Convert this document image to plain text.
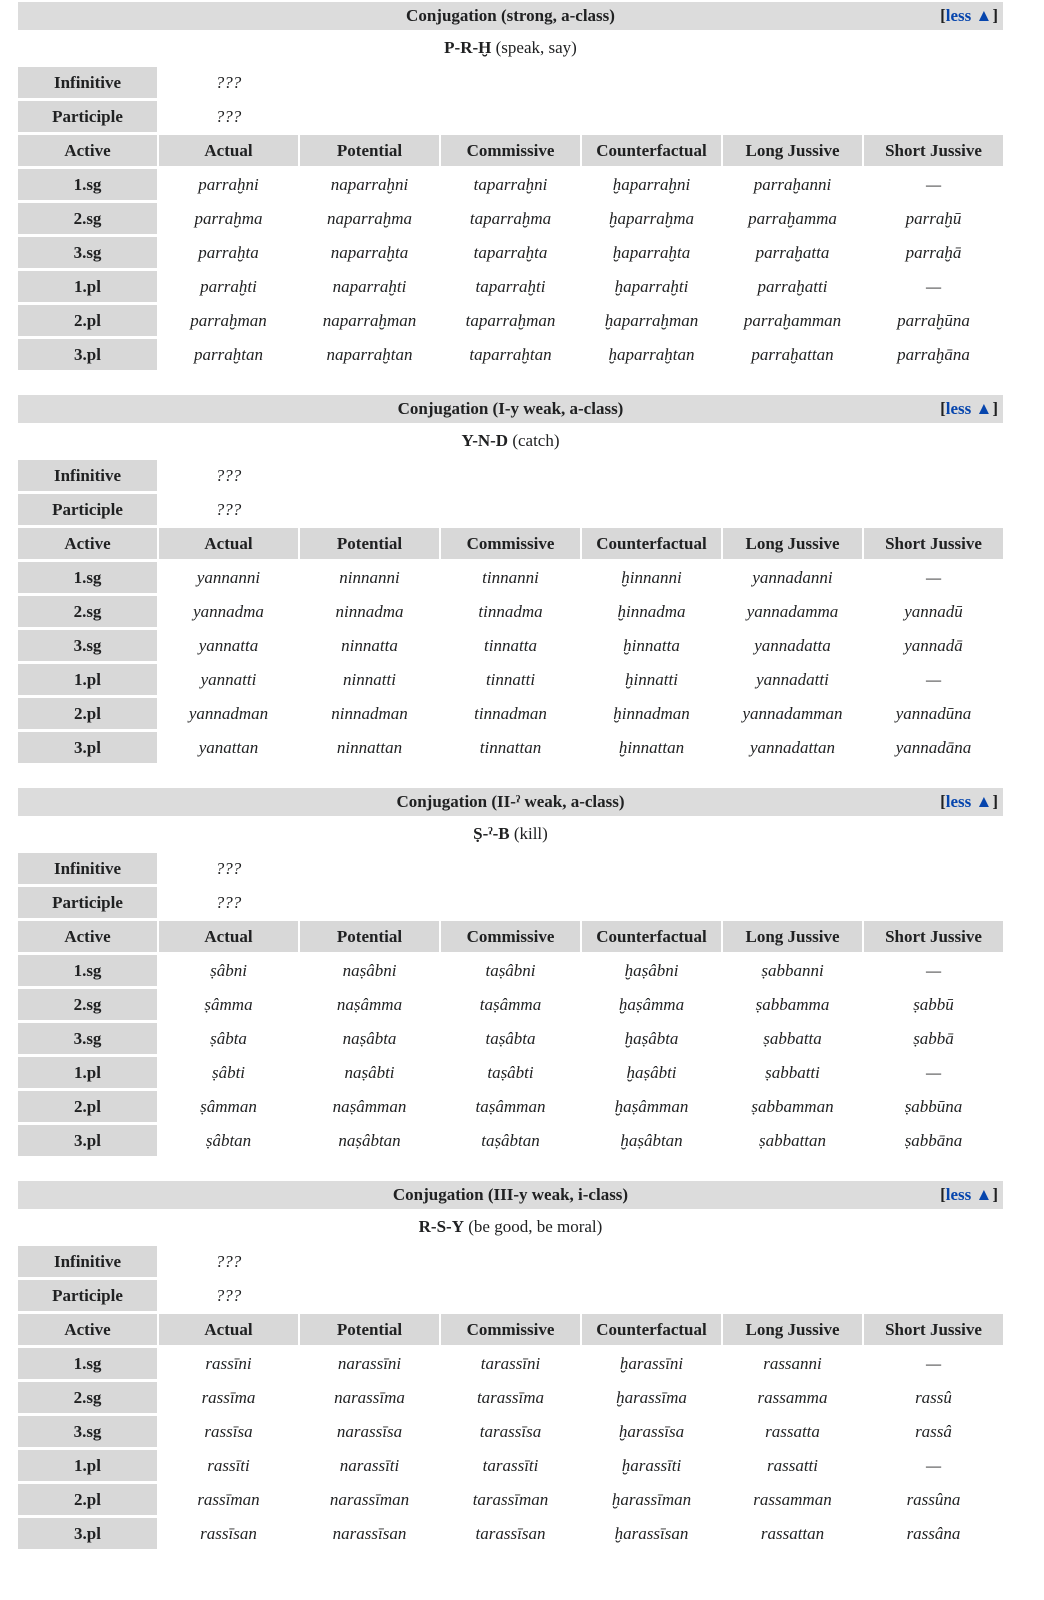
Conjugation (strong, a-class)	[less ▲]
P-R-Ḫ (speak, say)
Infinitive	???
Participle	???
Active	Actual	Potential	Commissive	Counterfactual	Long Jussive	Short Jussive
1.sg	parraḫni	naparraḫni	taparraḫni	ḫaparraḫni	parraḫanni	—
2.sg	parraḫma	naparraḫma	taparraḫma	ḫaparraḫma	parraḫamma	parraḫū
3.sg	parraḫta	naparraḫta	taparraḫta	ḫaparraḫta	parraḫatta	parraḫā
1.pl	parraḫti	naparraḫti	taparraḫti	ḫaparraḫti	parraḫatti	—
2.pl	parraḫman	naparraḫman	taparraḫman	ḫaparraḫman	parraḫamman	parraḫūna
3.pl	parraḫtan	naparraḫtan	taparraḫtan	ḫaparraḫtan	parraḫattan	parraḫāna
Conjugation (I-y weak, a-class)	[less ▲]
Y-N-D (catch)
Infinitive	???
Participle	???
Active	Actual	Potential	Commissive	Counterfactual	Long Jussive	Short Jussive
1.sg	yannanni	ninnanni	tinnanni	ḫinnanni	yannadanni	—
2.sg	yannadma	ninnadma	tinnadma	ḫinnadma	yannadamma	yannadū
3.sg	yannatta	ninnatta	tinnatta	ḫinnatta	yannadatta	yannadā
1.pl	yannatti	ninnatti	tinnatti	ḫinnatti	yannadatti	—
2.pl	yannadman	ninnadman	tinnadman	ḫinnadman	yannadamman	yannadūna
3.pl	yanattan	ninnattan	tinnattan	ḫinnattan	yannadattan	yannadāna
Conjugation (II-ˀ weak, a-class)	[less ▲]
Ṣ-ˀ-B (kill)
Infinitive	???
Participle	???
Active	Actual	Potential	Commissive	Counterfactual	Long Jussive	Short Jussive
1.sg	ṣâbni	naṣâbni	taṣâbni	ḫaṣâbni	ṣabbanni	—
2.sg	ṣâmma	naṣâmma	taṣâmma	ḫaṣâmma	ṣabbamma	ṣabbū
3.sg	ṣâbta	naṣâbta	taṣâbta	ḫaṣâbta	ṣabbatta	ṣabbā
1.pl	ṣâbti	naṣâbti	taṣâbti	ḫaṣâbti	ṣabbatti	—
2.pl	ṣâmman	naṣâmman	taṣâmman	ḫaṣâmman	ṣabbamman	ṣabbūna
3.pl	ṣâbtan	naṣâbtan	taṣâbtan	ḫaṣâbtan	ṣabbattan	ṣabbāna
Conjugation (III-y weak, i-class)	[less ▲]
R-S-Y (be good, be moral)
Infinitive	???
Participle	???
Active	Actual	Potential	Commissive	Counterfactual	Long Jussive	Short Jussive
1.sg	rassīni	narassīni	tarassīni	ḫarassīni	rassanni	—
2.sg	rassīma	narassīma	tarassīma	ḫarassīma	rassamma	rassû
3.sg	rassīsa	narassīsa	tarassīsa	ḫarassīsa	rassatta	rassâ
1.pl	rassīti	narassīti	tarassīti	ḫarassīti	rassatti	—
2.pl	rassīman	narassīman	tarassīman	ḫarassīman	rassamman	rassûna
3.pl	rassīsan	narassīsan	tarassīsan	ḫarassīsan	rassattan	rassâna
